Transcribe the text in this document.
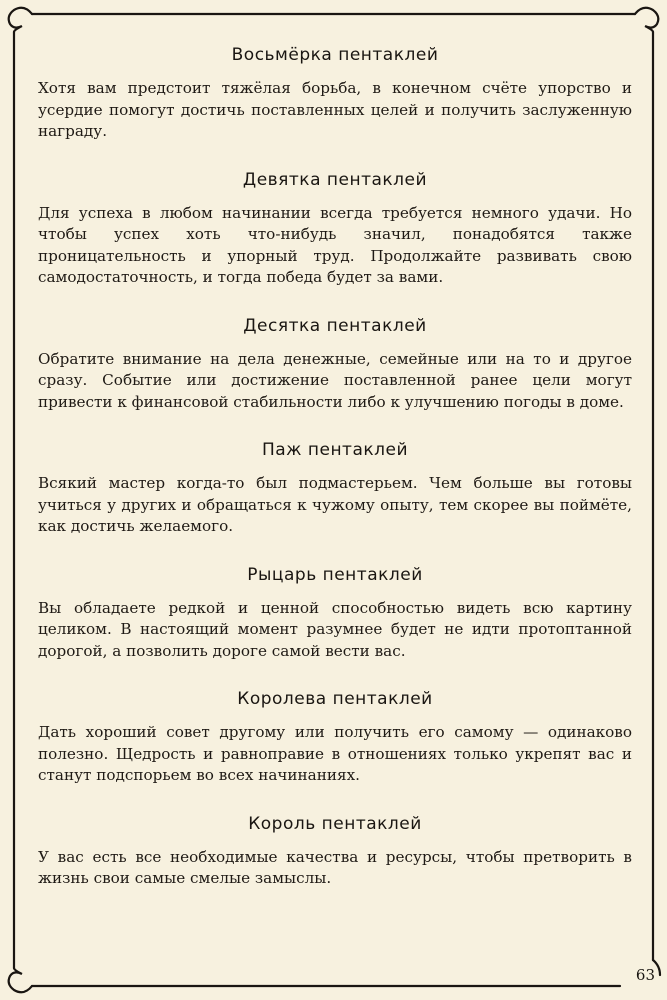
Восьмёрка пентаклей

Хотя вам предстоит тяжёлая борьба, в конечном счёте упорство и усердие помогут достичь поставленных целей и получить заслуженную награду.

Девятка пентаклей

Для успеха в любом начинании всегда требуется немного удачи. Но чтобы успех хоть что-нибудь значил, понадобятся также проницательность и упорный труд. Продолжайте развивать свою самодостаточность, и тогда победа будет за вами.

Десятка пентаклей

Обратите внимание на дела денежные, семейные или на то и другое сразу. Событие или достижение поставленной ранее цели могут привести к финансовой стабильности либо к улучшению погоды в доме.

Паж пентаклей

Всякий мастер когда-то был подмастерьем. Чем больше вы готовы учиться у других и обращаться к чужому опыту, тем скорее вы поймёте, как достичь желаемого.

Рыцарь пентаклей

Вы обладаете редкой и ценной способностью видеть всю картину целиком. В настоящий момент разумнее будет не идти протоптанной дорогой, а позволить дороге самой вести вас.

Королева пентаклей

Дать хороший совет другому или получить его самому — одинаково полезно. Щедрость и равноправие в отношениях только укрепят вас и станут подспорьем во всех начинаниях.

Король пентаклей

У вас есть все необходимые качества и ресурсы, чтобы претворить в жизнь свои самые смелые замыслы.

63
